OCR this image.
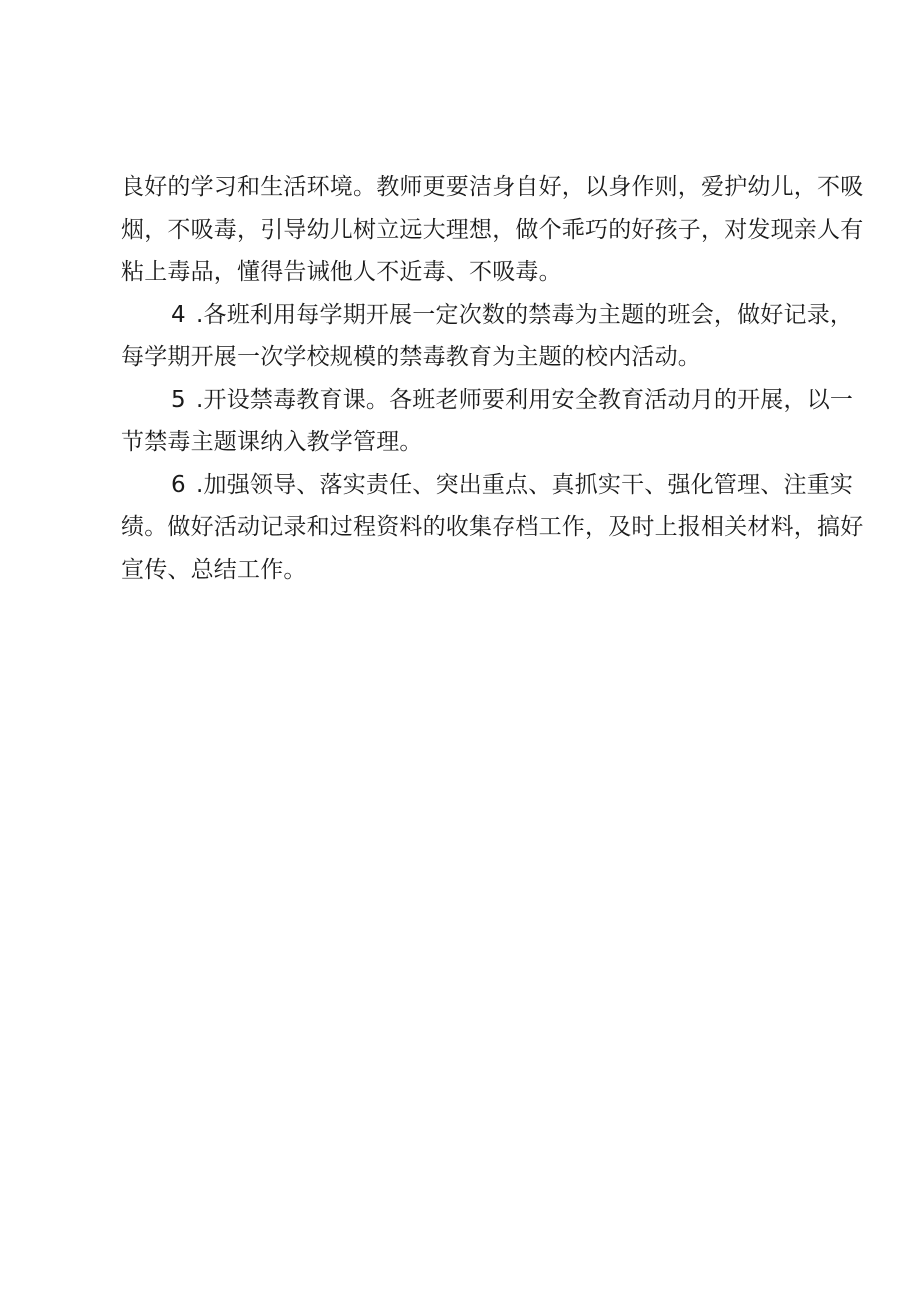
良好的学习和生活环境。教师更要洁身自好，以身作则，爱护幼儿，不吸
烟，不吸毒，引导幼儿树立远大理想，做个乖巧的好孩子，对发现亲人有
粘上毒品，懂得告诫他人不近毒、不吸毒。
4 .各班利用每学期开展一定次数的禁毒为主题的班会，做好记录，
每学期开展一次学校规模的禁毒教育为主题的校内活动。
5 .开设禁毒教育课。各班老师要利用安全教育活动月的开展，以一
节禁毒主题课纳入教学管理。
6 .加强领导、落实责任、突出重点、真抓实干、强化管理、注重实
绩。做好活动记录和过程资料的收集存档工作，及时上报相关材料，搞好
宣传、总结工作。
